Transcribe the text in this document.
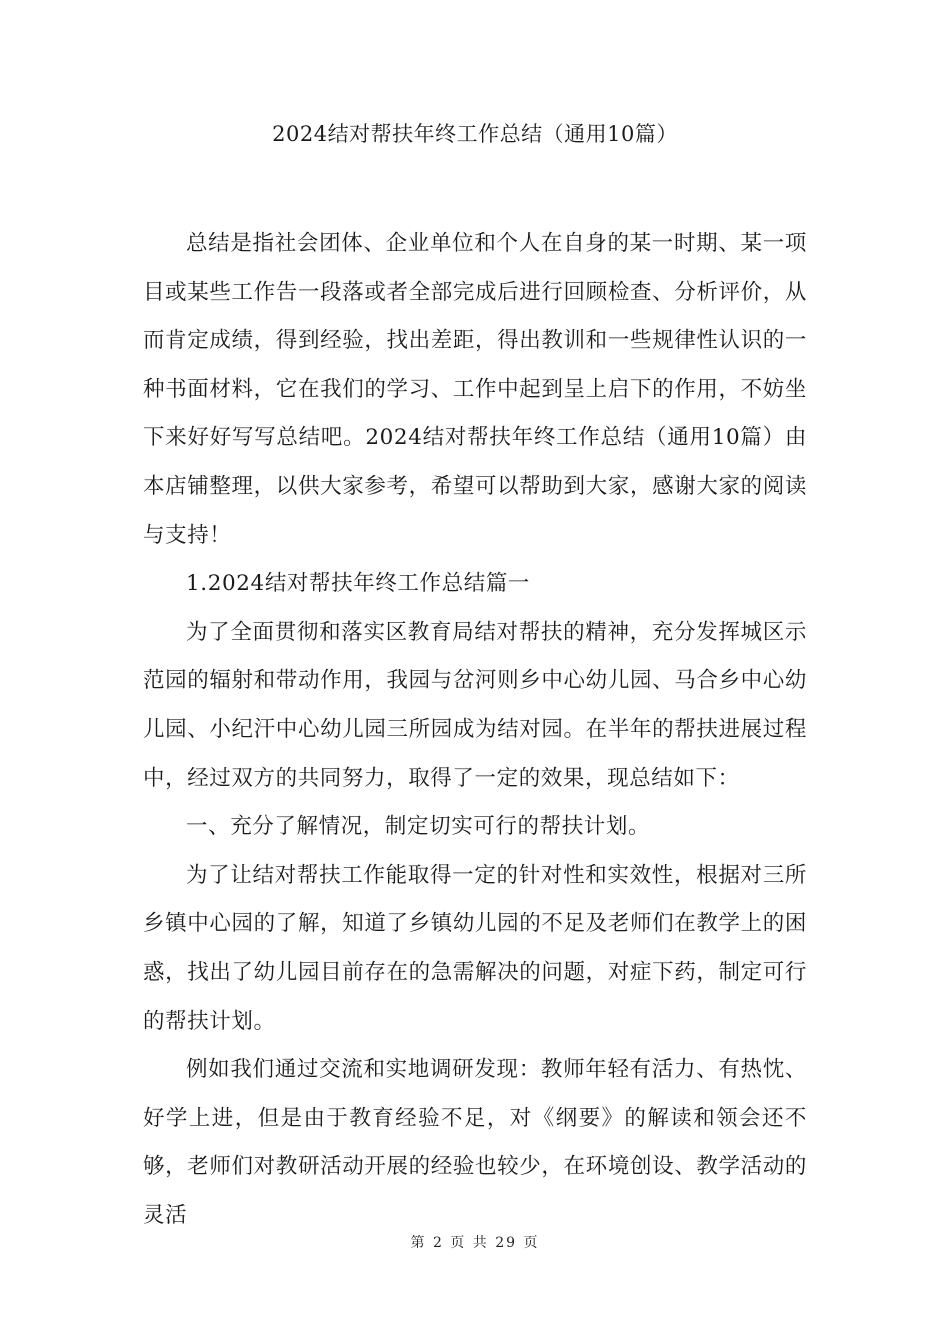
2024结对帮扶年终工作总结（通用10篇）

总结是指社会团体、企业单位和个人在自身的某一时期、某一项目或某些工作告一段落或者全部完成后进行回顾检查、分析评价，从而肯定成绩，得到经验，找出差距，得出教训和一些规律性认识的一种书面材料，它在我们的学习、工作中起到呈上启下的作用，不妨坐下来好好写写总结吧。2024结对帮扶年终工作总结（通用10篇）由本店铺整理，以供大家参考，希望可以帮助到大家，感谢大家的阅读与支持！

1.2024结对帮扶年终工作总结篇一

为了全面贯彻和落实区教育局结对帮扶的精神，充分发挥城区示范园的辐射和带动作用，我园与岔河则乡中心幼儿园、马合乡中心幼儿园、小纪汗中心幼儿园三所园成为结对园。在半年的帮扶进展过程中，经过双方的共同努力，取得了一定的效果，现总结如下：

一、充分了解情况，制定切实可行的帮扶计划。

为了让结对帮扶工作能取得一定的针对性和实效性，根据对三所乡镇中心园的了解，知道了乡镇幼儿园的不足及老师们在教学上的困惑，找出了幼儿园目前存在的急需解决的问题，对症下药，制定可行的帮扶计划。

例如我们通过交流和实地调研发现：教师年轻有活力、有热忱、好学上进，但是由于教育经验不足，对《纲要》的解读和领会还不够，老师们对教研活动开展的经验也较少，在环境创设、教学活动的灵活

第 2 页 共 29 页
